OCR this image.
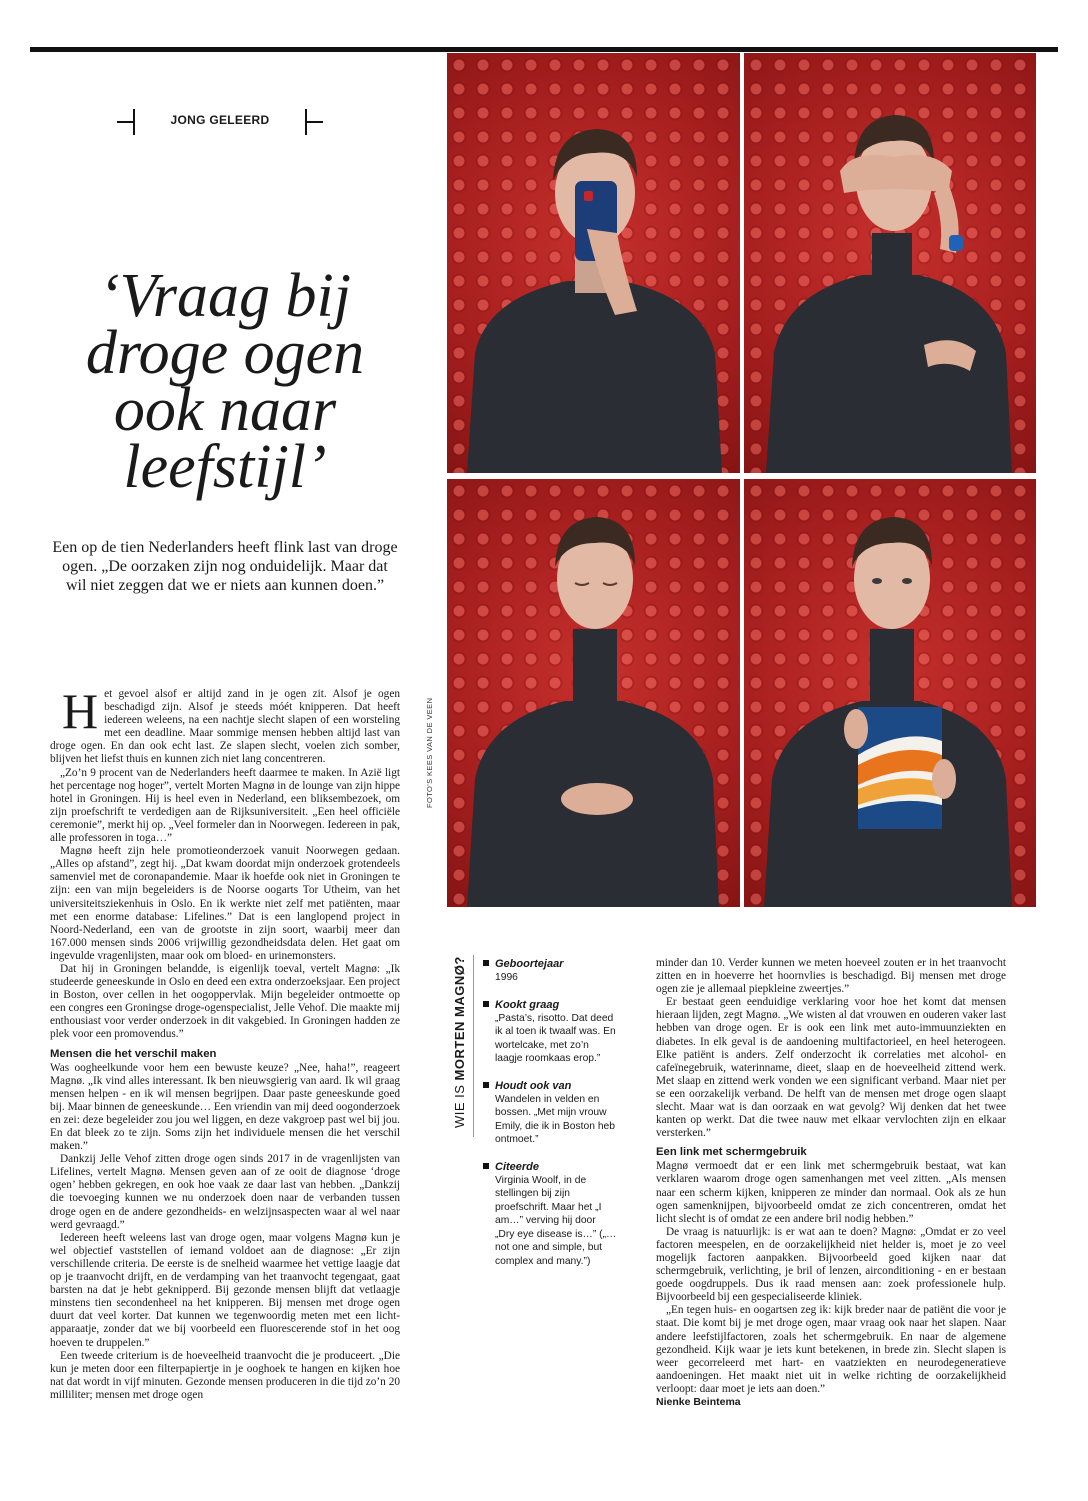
JONG GELEERD
‘Vraag bij droge ogen ook naar leefstijl’

Een op de tien Nederlanders heeft flink last van droge ogen. „De oorzaken zijn nog onduidelijk. Maar dat wil niet zeggen dat we er niets aan kunnen doen.”

FOTO'S KEES VAN DE VEEN

Het gevoel alsof er altijd zand in je ogen zit. Alsof je ogen beschadigd zijn. Alsof je steeds móét knipperen. Dat heeft iedereen weleens, na een nachtje slecht slapen of een worsteling met een deadline. Maar sommige mensen hebben altijd last van droge ogen. En dan ook echt last. Ze slapen slecht, voelen zich somber, blijven het liefst thuis en kunnen zich niet lang concentreren.

„Zo’n 9 procent van de Nederlanders heeft daarmee te maken. In Azië ligt het percentage nog hoger”, vertelt Morten Magnø in de lounge van zijn hippe hotel in Groningen. Hij is heel even in Nederland, een bliksembezoek, om zijn proefschrift te verdedigen aan de Rijksuniversiteit. „Een heel officiële ceremonie”, merkt hij op. „Veel formeler dan in Noorwegen. Iedereen in pak, alle professoren in toga…”

Magnø heeft zijn hele promotieonderzoek vanuit Noorwegen gedaan. „Alles op afstand”, zegt hij. „Dat kwam doordat mijn onderzoek grotendeels samenviel met de coronapandemie. Maar ik hoefde ook niet in Groningen te zijn: een van mijn begeleiders is de Noorse oogarts Tor Utheim, van het universiteitsziekenhuis in Oslo. En ik werkte niet zelf met patiënten, maar met een enorme database: Lifelines.” Dat is een langlopend project in Noord-Nederland, een van de grootste in zijn soort, waarbij meer dan 167.000 mensen sinds 2006 vrijwillig gezondheidsdata delen. Het gaat om ingevulde vragenlijsten, maar ook om bloed- en urinemonsters.

Dat hij in Groningen belandde, is eigenlijk toeval, vertelt Magnø: „Ik studeerde geneeskunde in Oslo en deed een extra onderzoeksjaar. Een project in Boston, over cellen in het oogoppervlak. Mijn begeleider ontmoette op een congres een Groningse droge-ogenspecialist, Jelle Vehof. Die maakte mij enthousiast voor verder onderzoek in dit vakgebied. In Groningen hadden ze plek voor een promovendus.”

Mensen die het verschil maken

Was oogheelkunde voor hem een bewuste keuze? „Nee, haha!”, reageert Magnø. „Ik vind alles interessant. Ik ben nieuwsgierig van aard. Ik wil graag mensen helpen - en ik wil mensen begrijpen. Daar paste geneeskunde goed bij. Maar binnen de geneeskunde… Een vriendin van mij deed oogonderzoek en zei: deze begeleider zou jou wel liggen, en deze vakgroep past wel bij jou. En dat bleek zo te zijn. Soms zijn het individuele mensen die het verschil maken.”

Dankzij Jelle Vehof zitten droge ogen sinds 2017 in de vragenlijsten van Lifelines, vertelt Magnø. Mensen geven aan of ze ooit de diagnose ‘droge ogen’ hebben gekregen, en ook hoe vaak ze daar last van hebben. „Dankzij die toevoeging kunnen we nu onderzoek doen naar de verbanden tussen droge ogen en de andere gezondheids- en welzijnsaspecten waar al wel naar werd gevraagd.”

Iedereen heeft weleens last van droge ogen, maar volgens Magnø kun je wel objectief vaststellen of iemand voldoet aan de diagnose: „Er zijn verschillende criteria. De eerste is de snelheid waarmee het vettige laagje dat op je traanvocht drijft, en de verdamping van het traanvocht tegengaat, gaat barsten na dat je hebt geknipperd. Bij gezonde mensen blijft dat vetlaagje minstens tien secondenheel na het knipperen. Bij mensen met droge ogen duurt dat veel korter. Dat kunnen we tegenwoordig meten met een licht-apparaatje, zonder dat we bij voorbeeld een fluorescerende stof in het oog hoeven te druppelen.”

Een tweede criterium is de hoeveelheid traanvocht die je produceert. „Die kun je meten door een filterpapiertje in je ooghoek te hangen en kijken hoe nat dat wordt in vijf minuten. Gezonde mensen produceren in die tijd zo’n 20 milliliter; mensen met droge ogen

WIE IS MORTEN MAGNØ?	Geboortejaar
1996
Kookt graag
„Pasta’s, risotto. Dat deed ik al toen ik twaalf was. En wortelcake, met zo’n laagje roomkaas erop.”
Houdt ook van
Wandelen in velden en bossen. „Met mijn vrouw Emily, die ik in Boston heb ontmoet.”
Citeerde
Virginia Woolf, in de stellingen bij zijn proefschrift. Maar het „I am…” verving hij door „Dry eye disease is…” („…not one and simple, but complex and many.”)

minder dan 10. Verder kunnen we meten hoeveel zouten er in het traanvocht zitten en in hoeverre het hoornvlies is beschadigd. Bij mensen met droge ogen zie je allemaal piepkleine zweertjes.”

Er bestaat geen eenduidige verklaring voor hoe het komt dat mensen hieraan lijden, zegt Magnø. „We wisten al dat vrouwen en ouderen vaker last hebben van droge ogen. Er is ook een link met auto-immuunziekten en diabetes. In elk geval is de aandoening multifactorieel, en heel heterogeen. Elke patiënt is anders. Zelf onderzocht ik correlaties met alcohol- en cafeïnegebruik, waterinname, dieet, slaap en de hoeveelheid zittend werk. Met slaap en zittend werk vonden we een significant verband. Maar niet per se een oorzakelijk verband. De helft van de mensen met droge ogen slaapt slecht. Maar wat is dan oorzaak en wat gevolg? Wij denken dat het twee kanten op werkt. Dat die twee nauw met elkaar vervlochten zijn en elkaar versterken.”

Een link met schermgebruik

Magnø vermoedt dat er een link met schermgebruik bestaat, wat kan verklaren waarom droge ogen samenhangen met veel zitten. „Als mensen naar een scherm kijken, knipperen ze minder dan normaal. Ook als ze hun ogen samenknijpen, bijvoorbeeld omdat ze zich concentreren, omdat het licht slecht is of omdat ze een andere bril nodig hebben.”

De vraag is natuurlijk: is er wat aan te doen? Magnø: „Omdat er zo veel factoren meespelen, en de oorzakelijkheid niet helder is, moet je zo veel mogelijk factoren aanpakken. Bijvoorbeeld goed kijken naar dat schermgebruik, verlichting, je bril of lenzen, airconditioning - en er bestaan goede oogdruppels. Dus ik raad mensen aan: zoek professionele hulp. Bijvoorbeeld bij een gespecialiseerde kliniek.

„En tegen huis- en oogartsen zeg ik: kijk breder naar de patiënt die voor je staat. Die komt bij je met droge ogen, maar vraag ook naar het slapen. Naar andere leefstijlfactoren, zoals het schermgebruik. En naar de algemene gezondheid. Kijk waar je iets kunt betekenen, in brede zin. Slecht slapen is weer gecorreleerd met hart- en vaatziekten en neurodegeneratieve aandoeningen. Het maakt niet uit in welke richting de oorzakelijkheid verloopt: daar moet je iets aan doen.”

Nienke Beintema
